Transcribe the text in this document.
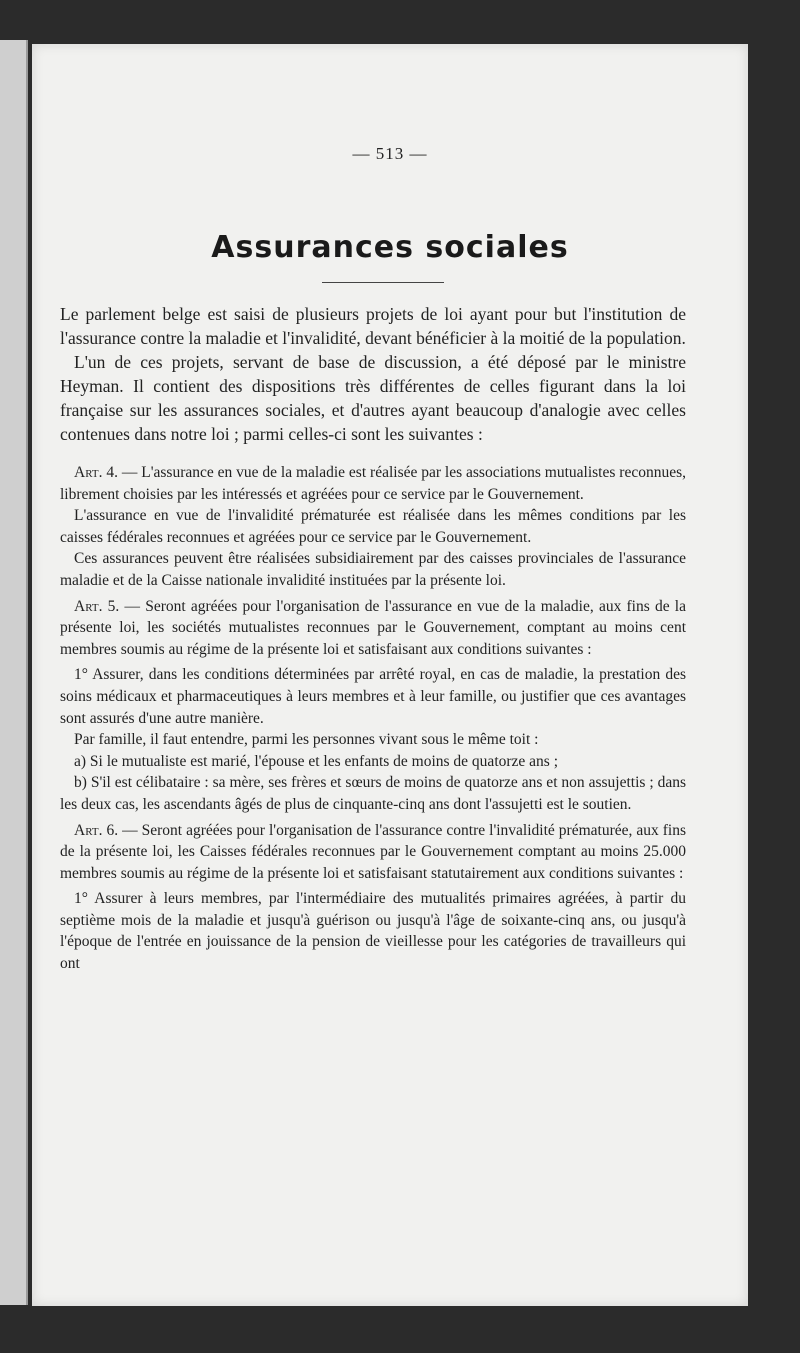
— 513 —
Assurances sociales

Le parlement belge est saisi de plusieurs projets de loi ayant pour but l'institution de l'assurance contre la maladie et l'invalidité, devant bénéficier à la moitié de la population.

L'un de ces projets, servant de base de discussion, a été déposé par le ministre Heyman. Il contient des dispositions très différentes de celles figurant dans la loi française sur les assurances sociales, et d'autres ayant beaucoup d'analogie avec celles contenues dans notre loi ; parmi celles-ci sont les suivantes :

Art. 4. — L'assurance en vue de la maladie est réalisée par les associations mutualistes reconnues, librement choisies par les intéressés et agréées pour ce service par le Gouvernement.

L'assurance en vue de l'invalidité prématurée est réalisée dans les mêmes conditions par les caisses fédérales reconnues et agréées pour ce service par le Gouvernement.

Ces assurances peuvent être réalisées subsidiairement par des caisses provinciales de l'assurance maladie et de la Caisse nationale invalidité instituées par la présente loi.

Art. 5. — Seront agréées pour l'organisation de l'assurance en vue de la maladie, aux fins de la présente loi, les sociétés mutualistes reconnues par le Gouvernement, comptant au moins cent membres soumis au régime de la présente loi et satisfaisant aux conditions suivantes :

1° Assurer, dans les conditions déterminées par arrêté royal, en cas de maladie, la prestation des soins médicaux et pharmaceutiques à leurs membres et à leur famille, ou justifier que ces avantages sont assurés d'une autre manière.

Par famille, il faut entendre, parmi les personnes vivant sous le même toit :

a) Si le mutualiste est marié, l'épouse et les enfants de moins de quatorze ans ;

b) S'il est célibataire : sa mère, ses frères et sœurs de moins de quatorze ans et non assujettis ; dans les deux cas, les ascendants âgés de plus de cinquante-cinq ans dont l'assujetti est le soutien.

Art. 6. — Seront agréées pour l'organisation de l'assurance contre l'invalidité prématurée, aux fins de la présente loi, les Caisses fédérales reconnues par le Gouvernement comptant au moins 25.000 membres soumis au régime de la présente loi et satisfaisant statutairement aux conditions suivantes :

1° Assurer à leurs membres, par l'intermédiaire des mutualités primaires agréées, à partir du septième mois de la maladie et jusqu'à guérison ou jusqu'à l'âge de soixante-cinq ans, ou jusqu'à l'époque de l'entrée en jouissance de la pension de vieillesse pour les catégories de travailleurs qui ont
